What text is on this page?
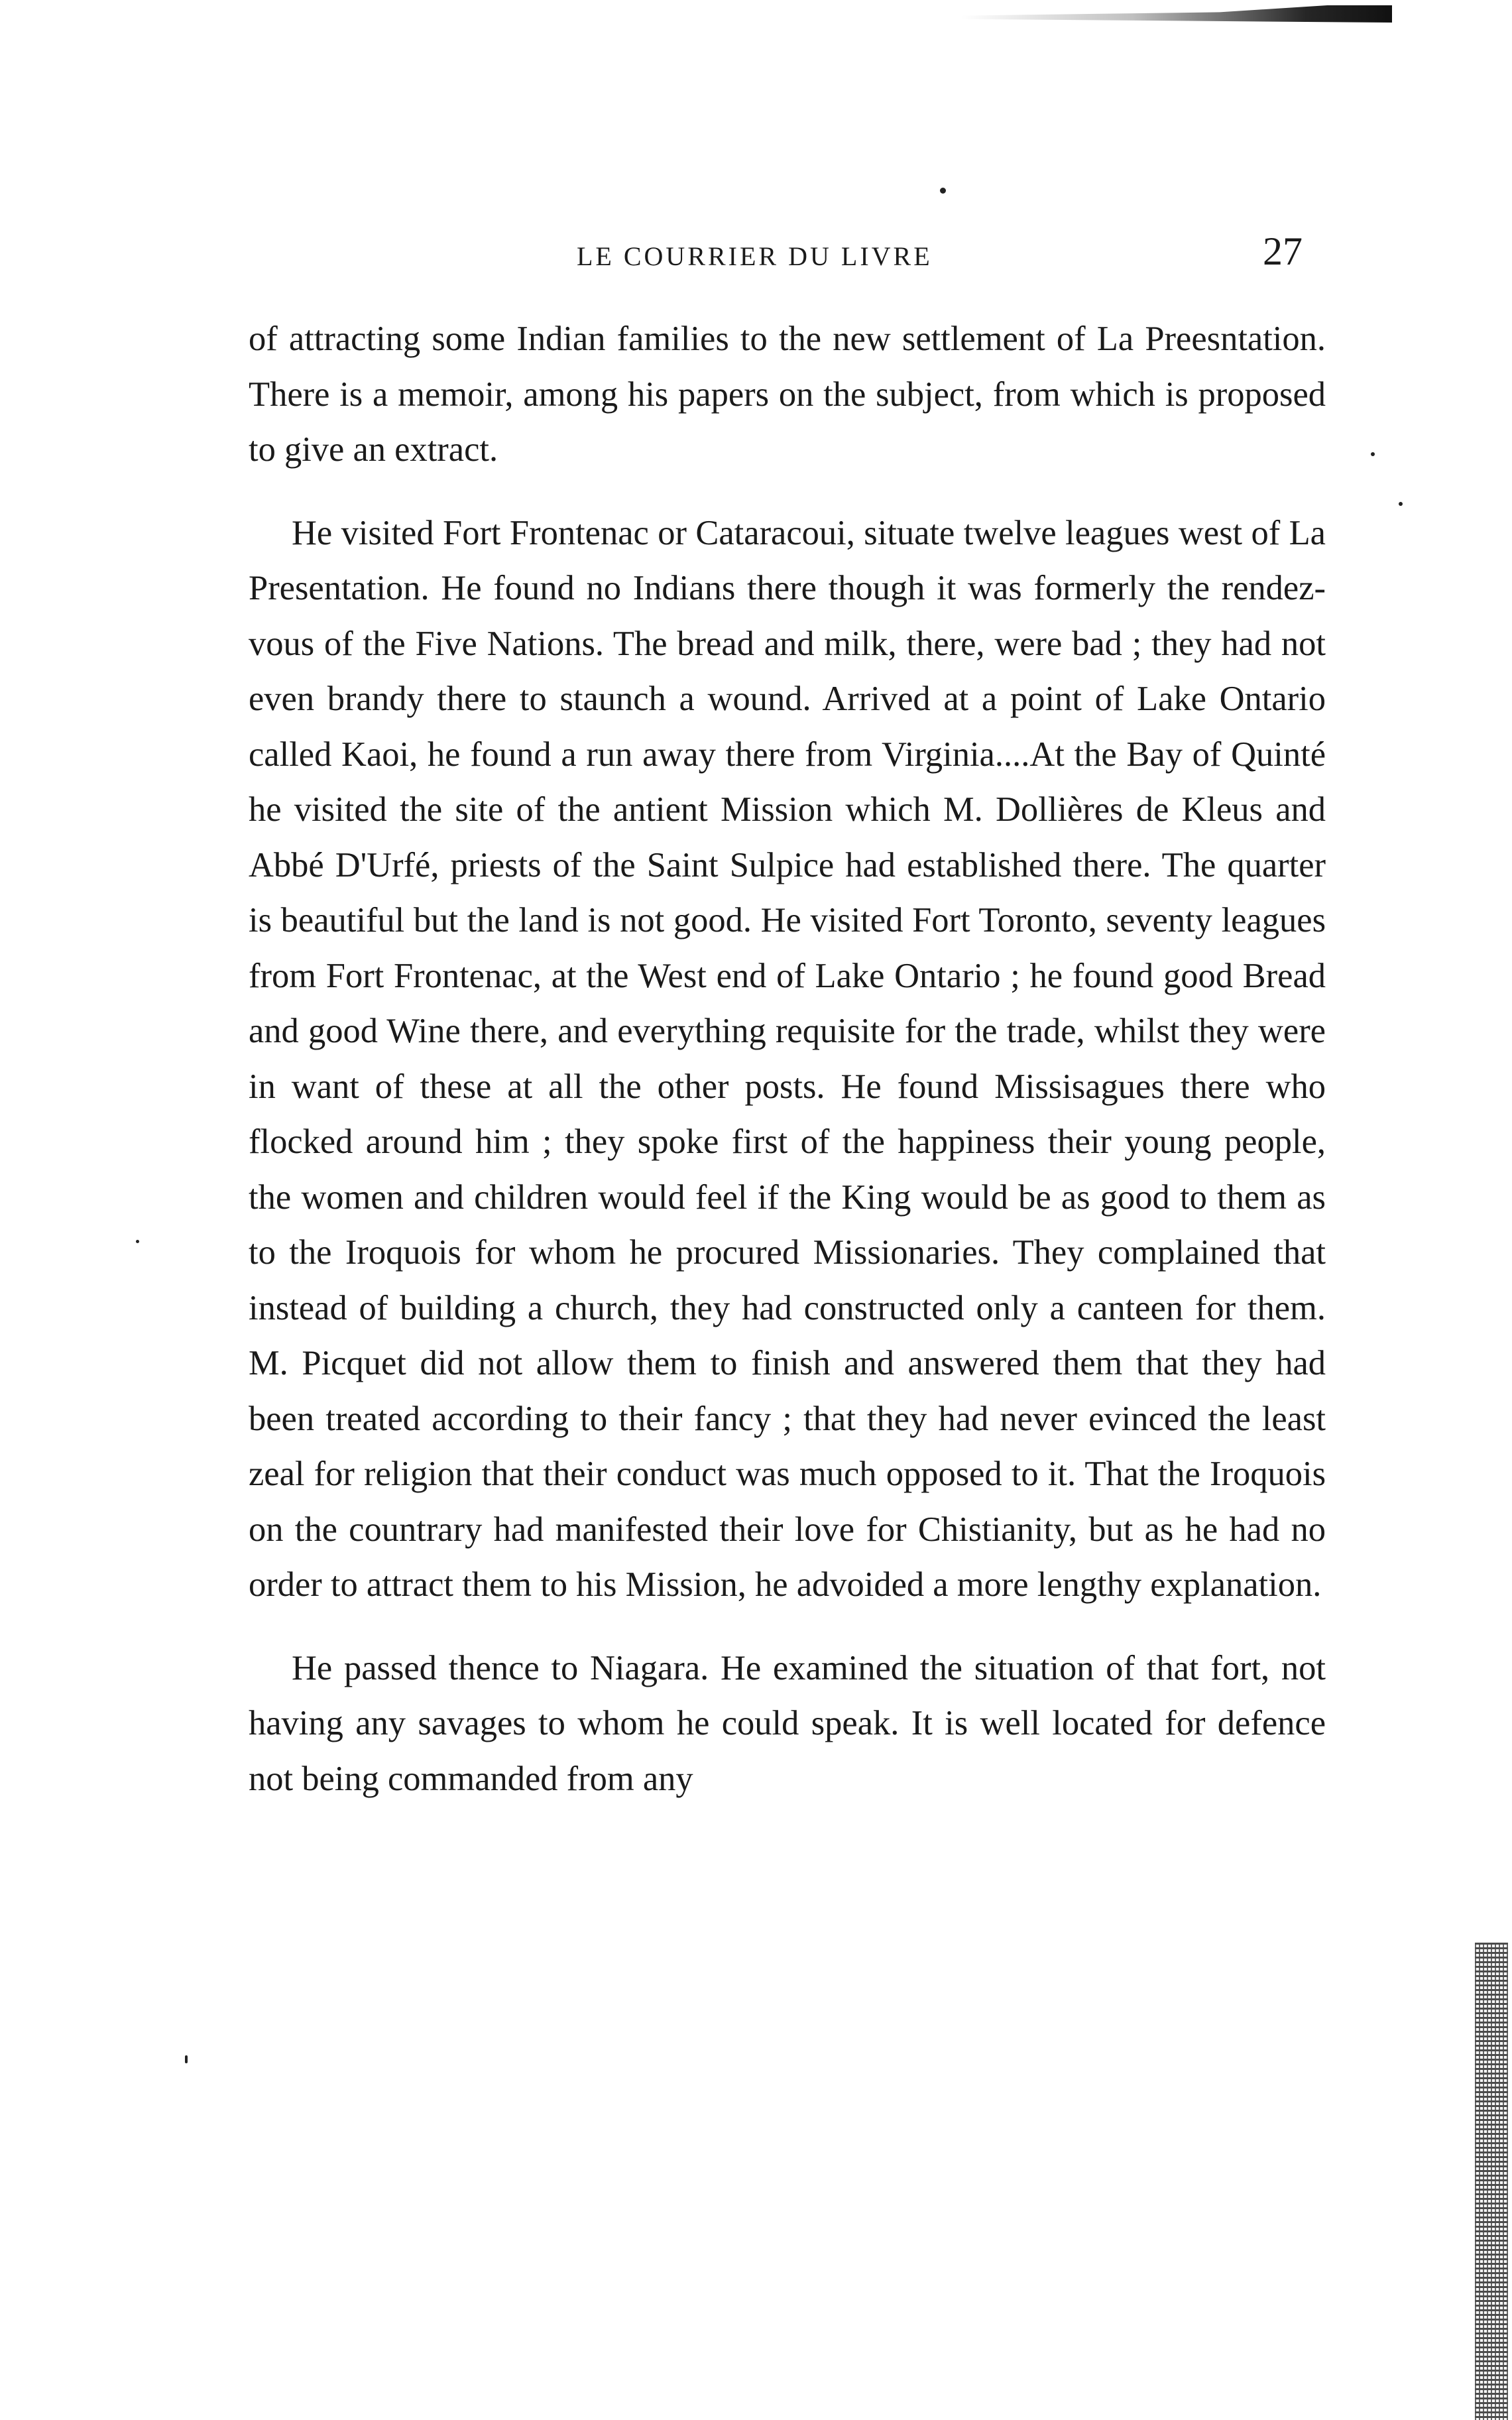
LE COURRIER DU LIVRE	27

of attracting some Indian families to the new settlement of La Preesntation. There is a memoir, among his papers on the subject, from which is proposed to give an extract.

He visited Fort Frontenac or Cataracoui, situate twelve leagues west of La Presentation. He found no Indians there though it was formerly the rendez-vous of the Five Nations. The bread and milk, there, were bad ; they had not even brandy there to staunch a wound. Arrived at a point of Lake Ontario called Kaoi, he found a run away there from Virginia....At the Bay of Quinté he visited the site of the antient Mission which M. Dollières de Kleus and Abbé D'Urfé, priests of the Saint Sulpice had established there. The quarter is beautiful but the land is not good. He visited Fort Toronto, seventy leagues from Fort Frontenac, at the West end of Lake Ontario ; he found good Bread and good Wine there, and everything requisite for the trade, whilst they were in want of these at all the other posts. He found Missisagues there who flocked around him ; they spoke first of the happiness their young people, the women and children would feel if the King would be as good to them as to the Iroquois for whom he procured Missionaries. They complained that instead of building a church, they had constructed only a canteen for them. M. Picquet did not allow them to finish and answered them that they had been treated according to their fancy ; that they had never evinced the least zeal for religion that their conduct was much opposed to it. That the Iroquois on the countrary had manifested their love for Chistianity, but as he had no order to attract them to his Mission, he advoided a more lengthy explanation.

He passed thence to Niagara. He examined the situation of that fort, not having any savages to whom he could speak. It is well located for defence not being commanded from any
